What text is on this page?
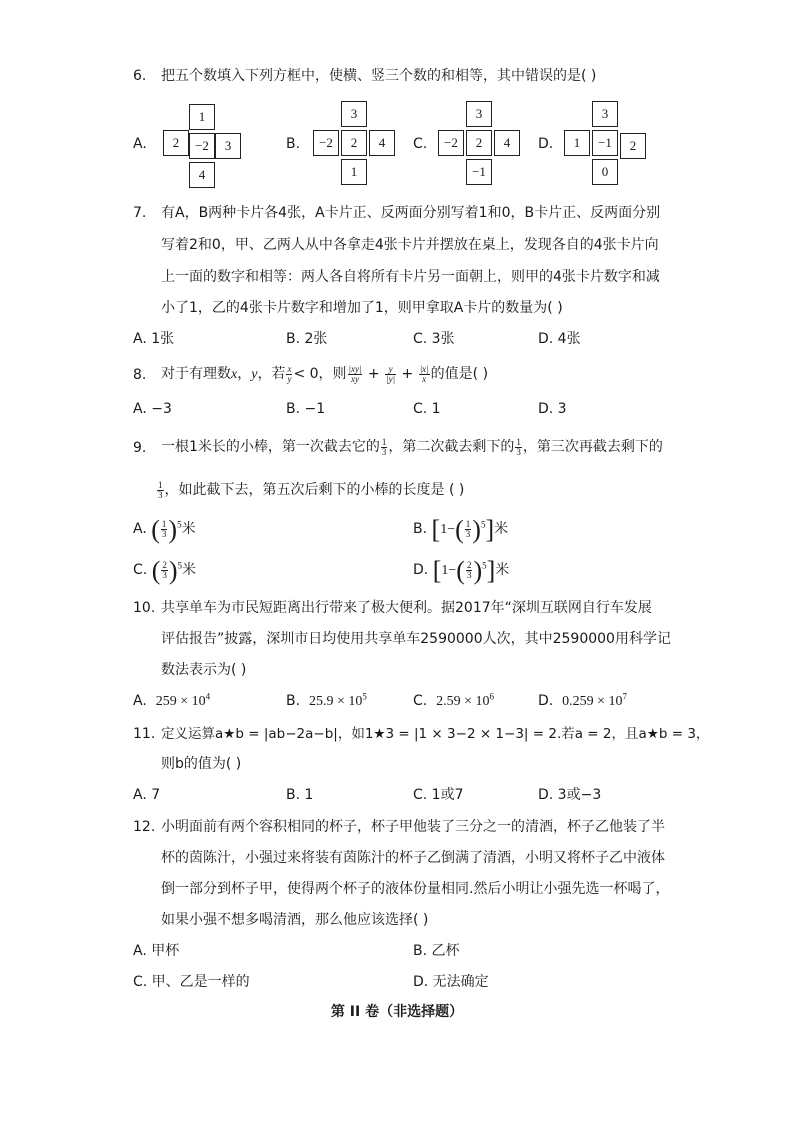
6. 把五个数填入下列方框中，使横、竖三个数的和相等，其中错误的是( )
A.
1
2	−2	3
4
B.
3
−2	2	4
1
C.
3
−2	2	4
−1
D.
3
1	−1	2
0
7. 有A，B两种卡片各4张，A卡片正、反两面分别写着1和0，B卡片正、反两面分别
写着2和0，甲、乙两人从中各拿走4张卡片并摆放在桌上，发现各自的4张卡片向
上一面的数字和相等：两人各自将所有卡片另一面朝上，则甲的4张卡片数字和减
小了1，乙的4张卡片数字和增加了1，则甲拿取A卡片的数量为( )
A. 1张	B. 2张	C. 3张	D. 4张
8. 对于有理数x，y，若 $\frac{x}{y} < 0$，则 $\frac{|xy|}{xy} + \frac{y}{|y|} + \frac{|x|}{x}$ 的值是( )
A. −3	B. −1	C. 1	D. 3
9. 一根1米长的小棒，第一次截去它的 $\frac{1}{3}$ ，第二次截去剩下的 $\frac{1}{3}$ ，第三次再截去剩下的
$\frac{1}{3}$ ，如此截下去，第五次后剩下的小棒的长度是 ( )
A. ( $\frac{1}{3} )^5$米	B. $[1-( \frac{1}{3} )^5]$米
C. ( $\frac{2}{3} )^5$米	D. $[1-( \frac{2}{3} )^5]$米
10. 共享单车为市民短距离出行带来了极大便利。据2017年“深圳互联网自行车发展
评估报告”披露，深圳市日均使用共享单车2590000人次，其中2590000用科学记
数法表示为( )
A. $259 \times 10^4$	B. $25.9 \times 10^5$	C. $2.59 \times 10^6$	D. $0.259 \times 10^7$
11. 定义运算a★b = |ab−2a−b|，如1★3 = |1 × 3−2 × 1−3| = 2.若a = 2，且a★b = 3，
则b的值为( )
A. 7	B. 1	C. 1或7	D. 3或−3
12. 小明面前有两个容积相同的杯子，杯子甲他装了三分之一的清酒，杯子乙他装了半
杯的茵陈汁，小强过来将装有茵陈汁的杯子乙倒满了清酒，小明又将杯子乙中液体
倒一部分到杯子甲，使得两个杯子的液体份量相同.然后小明让小强先选一杯喝了，
如果小强不想多喝清酒，那么他应该选择( )
A. 甲杯	B. 乙杯
C. 甲、乙是一样的	D. 无法确定
第 II 卷（非选择题）
